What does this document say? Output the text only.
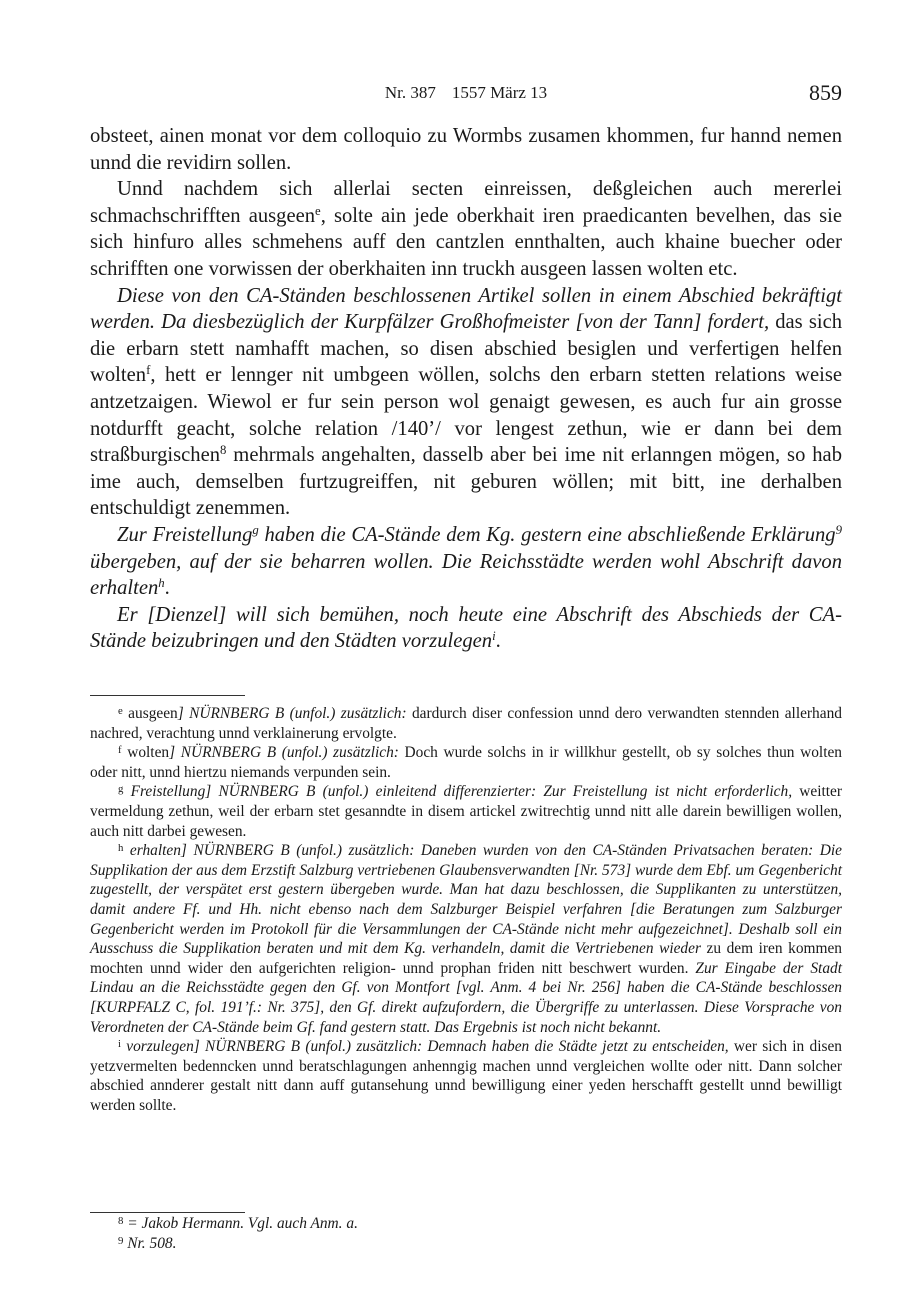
Nr. 387 1557 März 13	859

obsteet, ainen monat vor dem colloquio zu Wormbs zusamen khommen, fur hannd nemen unnd die revidirn sollen.

Unnd nachdem sich allerlai secten einreissen, deßgleichen auch mererlei schmachschrifften ausgeen$^e$, solte ain jede oberkhait iren praedicanten bevelhen, das sie sich hinfuro alles schmehens auff den cantzlen ennthalten, auch khaine buecher oder schrifften one vorwissen der oberkhaiten inn truckh ausgeen lassen wolten etc.

Diese von den CA-Ständen beschlossenen Artikel sollen in einem Abschied bekräftigt werden. Da diesbezüglich der Kurpfälzer Großhofmeister [von der Tann] fordert, das sich die erbarn stett namhafft machen, so disen abschied besiglen und verfertigen helfen wolten$^f$, hett er lennger nit umbgeen wöllen, solchs den erbarn stetten relations weise antzetzaigen. Wiewol er fur sein person wol genaigt gewesen, es auch fur ain grosse notdurfft geacht, solche relation /140’/ vor lengest zethun, wie er dann bei dem straßburgischen$^8$ mehrmals angehalten, dasselb aber bei ime nit erlanngen mögen, so hab ime auch, demselben furtzugreiffen, nit geburen wöllen; mit bitt, ine derhalben entschuldigt zenemmen.

Zur Freistellung$^g$ haben die CA-Stände dem Kg. gestern eine abschließende Erklärung$^9$ übergeben, auf der sie beharren wollen. Die Reichsstädte werden wohl Abschrift davon erhalten$^h$.

Er [Dienzel] will sich bemühen, noch heute eine Abschrift des Abschieds der CA-Stände beizubringen und den Städten vorzulegen$^i$.

$^e$ ausgeen] NÜRNBERG B (unfol.) zusätzlich: dardurch diser confession unnd dero verwandten stennden allerhand nachred, verachtung unnd verklainerung ervolgte.

$^f$ wolten] NÜRNBERG B (unfol.) zusätzlich: Doch wurde solchs in ir willkhur gestellt, ob sy solches thun wolten oder nitt, unnd hiertzu niemands verpunden sein.

$^g$ Freistellung] NÜRNBERG B (unfol.) einleitend differenzierter: Zur Freistellung ist nicht erforderlich, weitter vermeldung zethun, weil der erbarn stet gesanndte in disem artickel zwitrechtig unnd nitt alle darein bewilligen wollen, auch nitt darbei gewesen.

$^h$ erhalten] NÜRNBERG B (unfol.) zusätzlich: Daneben wurden von den CA-Ständen Privatsachen beraten: Die Supplikation der aus dem Erzstift Salzburg vertriebenen Glaubensverwandten [Nr. 573] wurde dem Ebf. um Gegenbericht zugestellt, der verspätet erst gestern übergeben wurde. Man hat dazu beschlossen, die Supplikanten zu unterstützen, damit andere Ff. und Hh. nicht ebenso nach dem Salzburger Beispiel verfahren [die Beratungen zum Salzburger Gegenbericht werden im Protokoll für die Versammlungen der CA-Stände nicht mehr aufgezeichnet]. Deshalb soll ein Ausschuss die Supplikation beraten und mit dem Kg. verhandeln, damit die Vertriebenen wieder zu dem iren kommen mochten unnd wider den aufgerichten religion- unnd prophan friden nitt beschwert wurden. Zur Eingabe der Stadt Lindau an die Reichsstädte gegen den Gf. von Montfort [vgl. Anm. 4 bei Nr. 256] haben die CA-Stände beschlossen [KURPFALZ C, fol. 191’f.: Nr. 375], den Gf. direkt aufzufordern, die Übergriffe zu unterlassen. Diese Vorsprache von Verordneten der CA-Stände beim Gf. fand gestern statt. Das Ergebnis ist noch nicht bekannt.

$^i$ vorzulegen] NÜRNBERG B (unfol.) zusätzlich: Demnach haben die Städte jetzt zu entscheiden, wer sich in disen yetzvermelten bedenncken unnd beratschlagungen anhenngig machen unnd vergleichen wollte oder nitt. Dann solcher abschied annderer gestalt nitt dann auff gutansehung unnd bewilligung einer yeden herschafft gestellt unnd bewilligt werden sollte.

$^8$ = Jakob Hermann. Vgl. auch Anm. a.

$^9$ Nr. 508.
